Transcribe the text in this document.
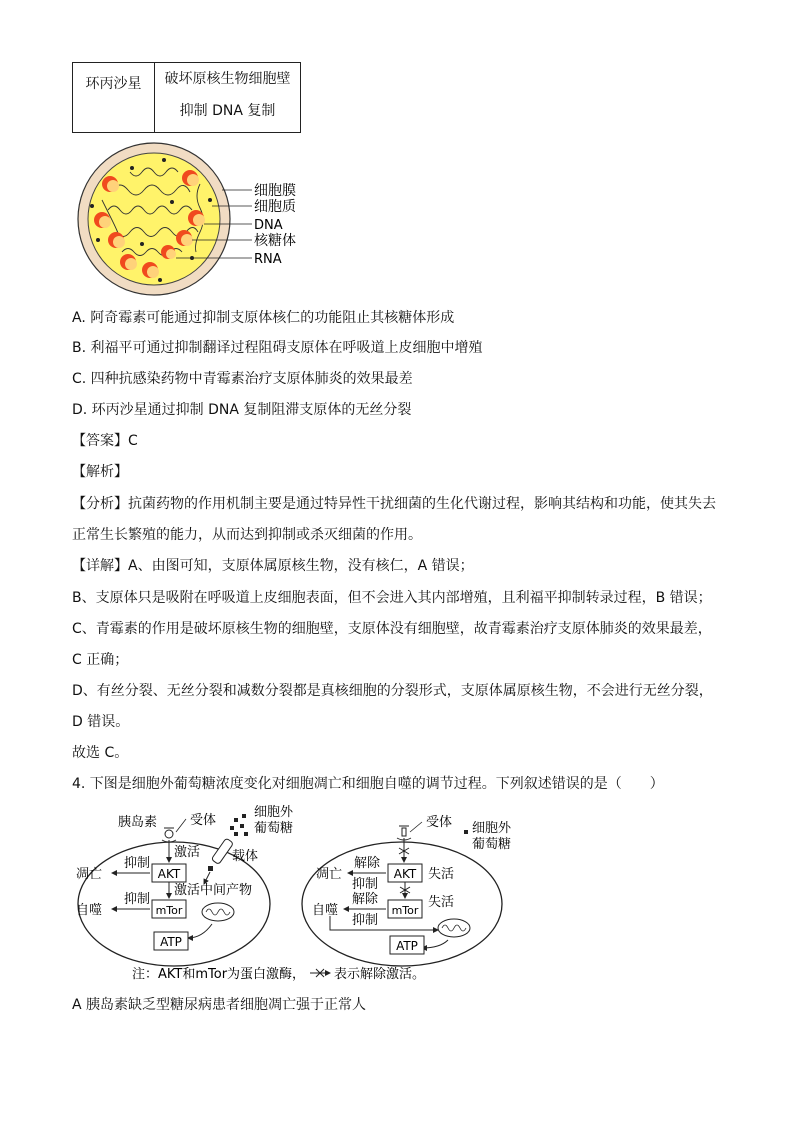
环丙沙星	破坏原核生物细胞壁
抑制 DNA 复制
细胞膜
细胞质
DNA
核糖体
RNA
A. 阿奇霉素可能通过抑制支原体核仁的功能阻止其核糖体形成
B. 利福平可通过抑制翻译过程阻碍支原体在呼吸道上皮细胞中增殖
C. 四种抗感染药物中青霉素治疗支原体肺炎的效果最差
D. 环丙沙星通过抑制 DNA 复制阻滞支原体的无丝分裂
【答案】C
【解析】
【分析】抗菌药物的作用机制主要是通过特异性干扰细菌的生化代谢过程，影响其结构和功能，使其失去
正常生长繁殖的能力，从而达到抑制或杀灭细菌的作用。
【详解】A、由图可知，支原体属原核生物，没有核仁，A 错误；
B、支原体只是吸附在呼吸道上皮细胞表面，但不会进入其内部增殖，且利福平抑制转录过程，B 错误；
C、青霉素的作用是破坏原核生物的细胞壁，支原体没有细胞壁，故青霉素治疗支原体肺炎的效果最差，
C 正确；
D、有丝分裂、无丝分裂和减数分裂都是真核细胞的分裂形式，支原体属原核生物，不会进行无丝分裂，
D 错误。
故选 C。
4. 下图是细胞外葡萄糖浓度变化对细胞凋亡和细胞自噬的调节过程。下列叙述错误的是（　　）
胰岛素	受体
细胞外
葡萄糖
激活 载体
AKT
抑制
凋亡
激活中间产物
mTor
抑制
自噬
ATP
受体 细胞外
葡萄糖
AKT 失活
凋亡
解除
抑制
mTor
失活
自噬
解除
抑制
ATP
注：AKT和mTor为蛋白激酶， 表示解除激活。
A 胰岛素缺乏型糖尿病患者细胞凋亡强于正常人
